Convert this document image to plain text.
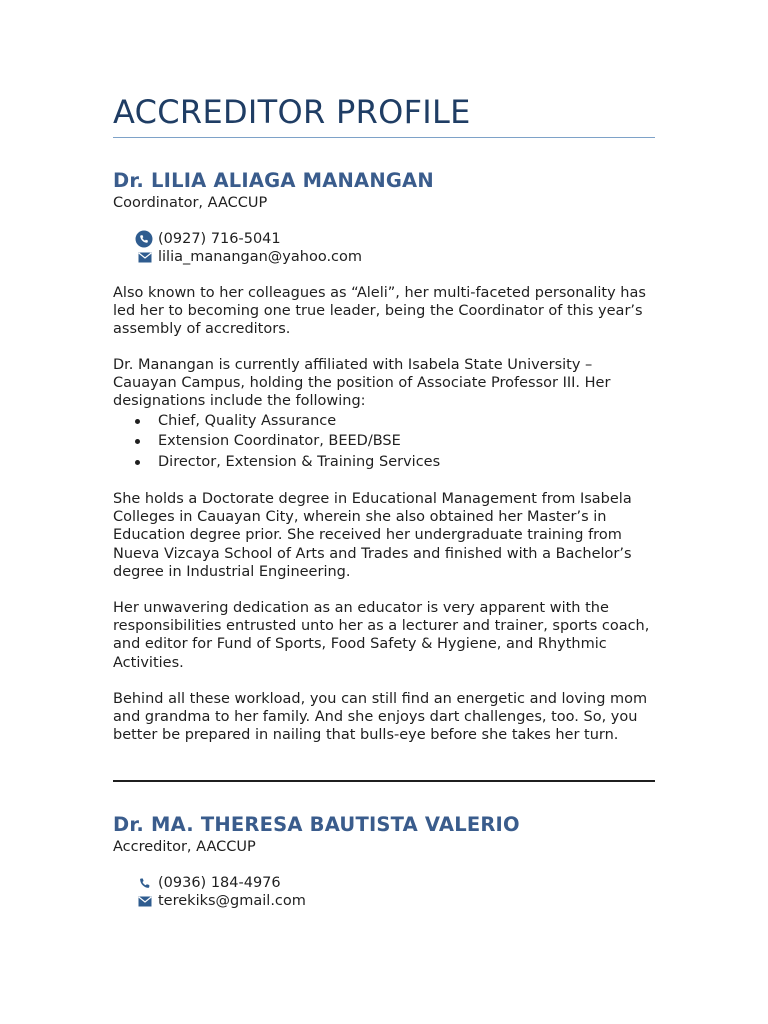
ACCREDITOR PROFILE
Dr. LILIA ALIAGA MANANGAN
Coordinator, AACCUP
(0927) 716-5041
lilia_manangan@yahoo.com

Also known to her colleagues as “Aleli”, her multi-faceted personality has led her to becoming one true leader, being the Coordinator of this year’s assembly of accreditors.

Dr. Manangan is currently affiliated with Isabela State University – Cauayan Campus, holding the position of Associate Professor III. Her designations include the following:

Chief, Quality Assurance
Extension Coordinator, BEED/BSE
Director, Extension & Training Services

She holds a Doctorate degree in Educational Management from Isabela Colleges in Cauayan City, wherein she also obtained her Master’s in Education degree prior. She received her undergraduate training from Nueva Vizcaya School of Arts and Trades and finished with a Bachelor’s degree in Industrial Engineering.

Her unwavering dedication as an educator is very apparent with the responsibilities entrusted unto her as a lecturer and trainer, sports coach, and editor for Fund of Sports, Food Safety & Hygiene, and Rhythmic Activities.

Behind all these workload, you can still find an energetic and loving mom and grandma to her family. And she enjoys dart challenges, too. So, you better be prepared in nailing that bulls-eye before she takes her turn.

Dr. MA. THERESA BAUTISTA VALERIO
Accreditor, AACCUP
(0936) 184-4976
terekiks@gmail.com
